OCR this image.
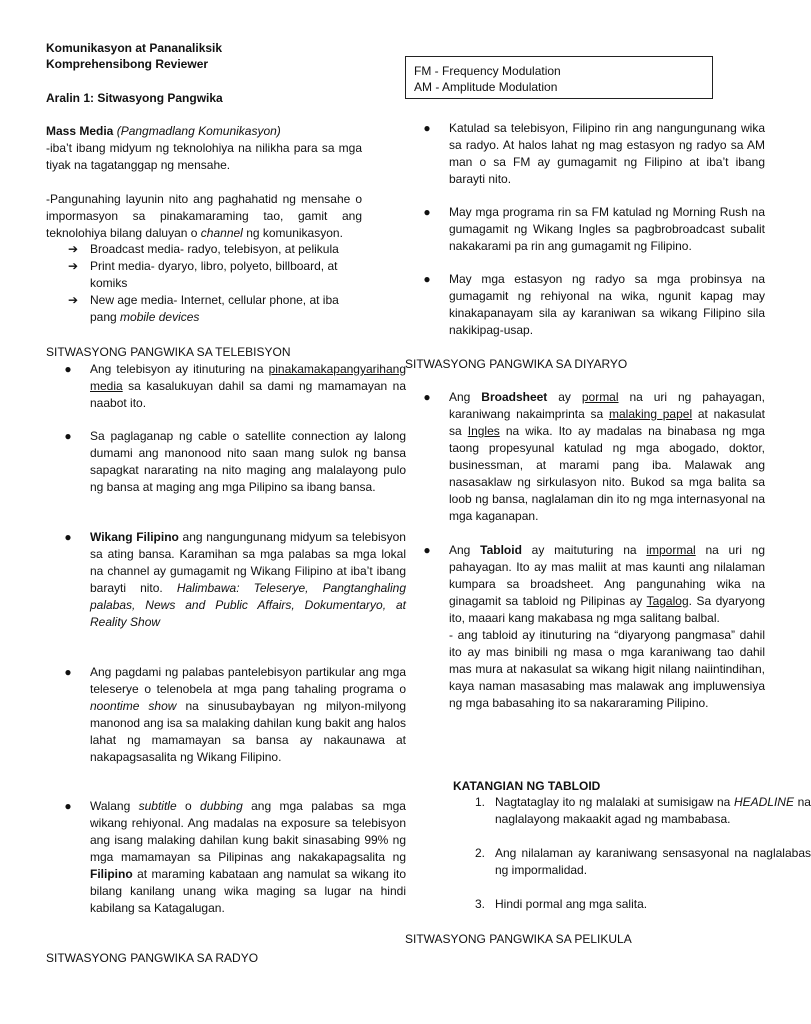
Komunikasyon at Pananaliksik
Komprehensibong Reviewer
Aralin 1: Sitwasyong Pangwika
Mass Media (Pangmadlang Komunikasyon)
-iba’t ibang midyum ng teknolohiya na nilikha para sa mga tiyak na tagatanggap ng mensahe.
-Pangunahing layunin nito ang paghahatid ng mensahe o impormasyon sa pinakamaraming tao, gamit ang teknolohiya bilang daluyan o channel ng komunikasyon.
➔ Broadcast media- radyo, telebisyon, at pelikula
➔ Print media- dyaryo, libro, polyeto, billboard, at komiks
➔ New age media- Internet, cellular phone, at iba pang mobile devices
SITWASYONG PANGWIKA SA TELEBISYON
●	Ang telebisyon ay itinuturing na pinakamakapangyarihang media sa kasalukuyan dahil sa dami ng mamamayan na naabot ito.
●	Sa paglaganap ng cable o satellite connection ay lalong dumami ang manonood nito saan mang sulok ng bansa sapagkat nararating na nito maging ang malalayong pulo ng bansa at maging ang mga Pilipino sa ibang bansa.
●	Wikang Filipino ang nangungunang midyum sa telebisyon sa ating bansa. Karamihan sa mga palabas sa mga lokal na channel ay gumagamit ng Wikang Filipino at iba’t ibang barayti nito. Halimbawa: Teleserye, Pangtanghaling palabas, News and Public Affairs, Dokumentaryo, at Reality Show
●	Ang pagdami ng palabas pantelebisyon partikular ang mga teleserye o telenobela at mga pang tahaling programa o noontime show na sinusubaybayan ng milyon-milyong manonod ang isa sa malaking dahilan kung bakit ang halos lahat ng mamamayan sa bansa ay nakaunawa at nakapagsasalita ng Wikang Filipino.
●	Walang subtitle o dubbing ang mga palabas sa mga wikang rehiyonal. Ang madalas na exposure sa telebisyon ang isang malaking dahilan kung bakit sinasabing 99% ng mga mamamayan sa Pilipinas ang nakakapagsalita ng Filipino at maraming kabataan ang namulat sa wikang ito bilang kanilang unang wika maging sa lugar na hindi kabilang sa Katagalugan.
SITWASYONG PANGWIKA SA RADYO
FM - Frequency Modulation
AM - Amplitude Modulation
●	Katulad sa telebisyon, Filipino rin ang nangungunang wika sa radyo. At halos lahat ng mag estasyon ng radyo sa AM man o sa FM ay gumagamit ng Filipino at iba’t ibang barayti nito.
●	May mga programa rin sa FM katulad ng Morning Rush na gumagamit ng Wikang Ingles sa pagbrobroadcast subalit nakakarami pa rin ang gumagamit ng Filipino.
●	May mga estasyon ng radyo sa mga probinsya na gumagamit ng rehiyonal na wika, ngunit kapag may kinakapanayam sila ay karaniwan sa wikang Filipino sila nakikipag-usap.
SITWASYONG PANGWIKA SA DIYARYO
●	Ang Broadsheet ay pormal na uri ng pahayagan, karaniwang nakaimprinta sa malaking papel at nakasulat sa Ingles na wika. Ito ay madalas na binabasa ng mga taong propesyunal katulad ng mga abogado, doktor, businessman, at marami pang iba. Malawak ang nasasaklaw ng sirkulasyon nito. Bukod sa mga balita sa loob ng bansa, naglalaman din ito ng mga internasyonal na mga kaganapan.
●	Ang Tabloid ay maituturing na impormal na uri ng pahayagan. Ito ay mas maliit at mas kaunti ang nilalaman kumpara sa broadsheet. Ang pangunahing wika na ginagamit sa tabloid ng Pilipinas ay Tagalog. Sa dyaryong ito, maaari kang makabasa ng mga salitang balbal.
- ang tabloid ay itinuturing na “diyaryong pangmasa” dahil ito ay mas binibili ng masa o mga karaniwang tao dahil mas mura at nakasulat sa wikang higit nilang naiintindihan, kaya naman masasabing mas malawak ang impluwensiya ng mga babasahing ito sa nakararaming Pilipino.
KATANGIAN NG TABLOID
1. Nagtataglay ito ng malalaki at sumisigaw na HEADLINE na naglalayong makaakit agad ng mambabasa.
2. Ang nilalaman ay karaniwang sensasyonal na naglalabas ng impormalidad.
3. Hindi pormal ang mga salita.
SITWASYONG PANGWIKA SA PELIKULA
